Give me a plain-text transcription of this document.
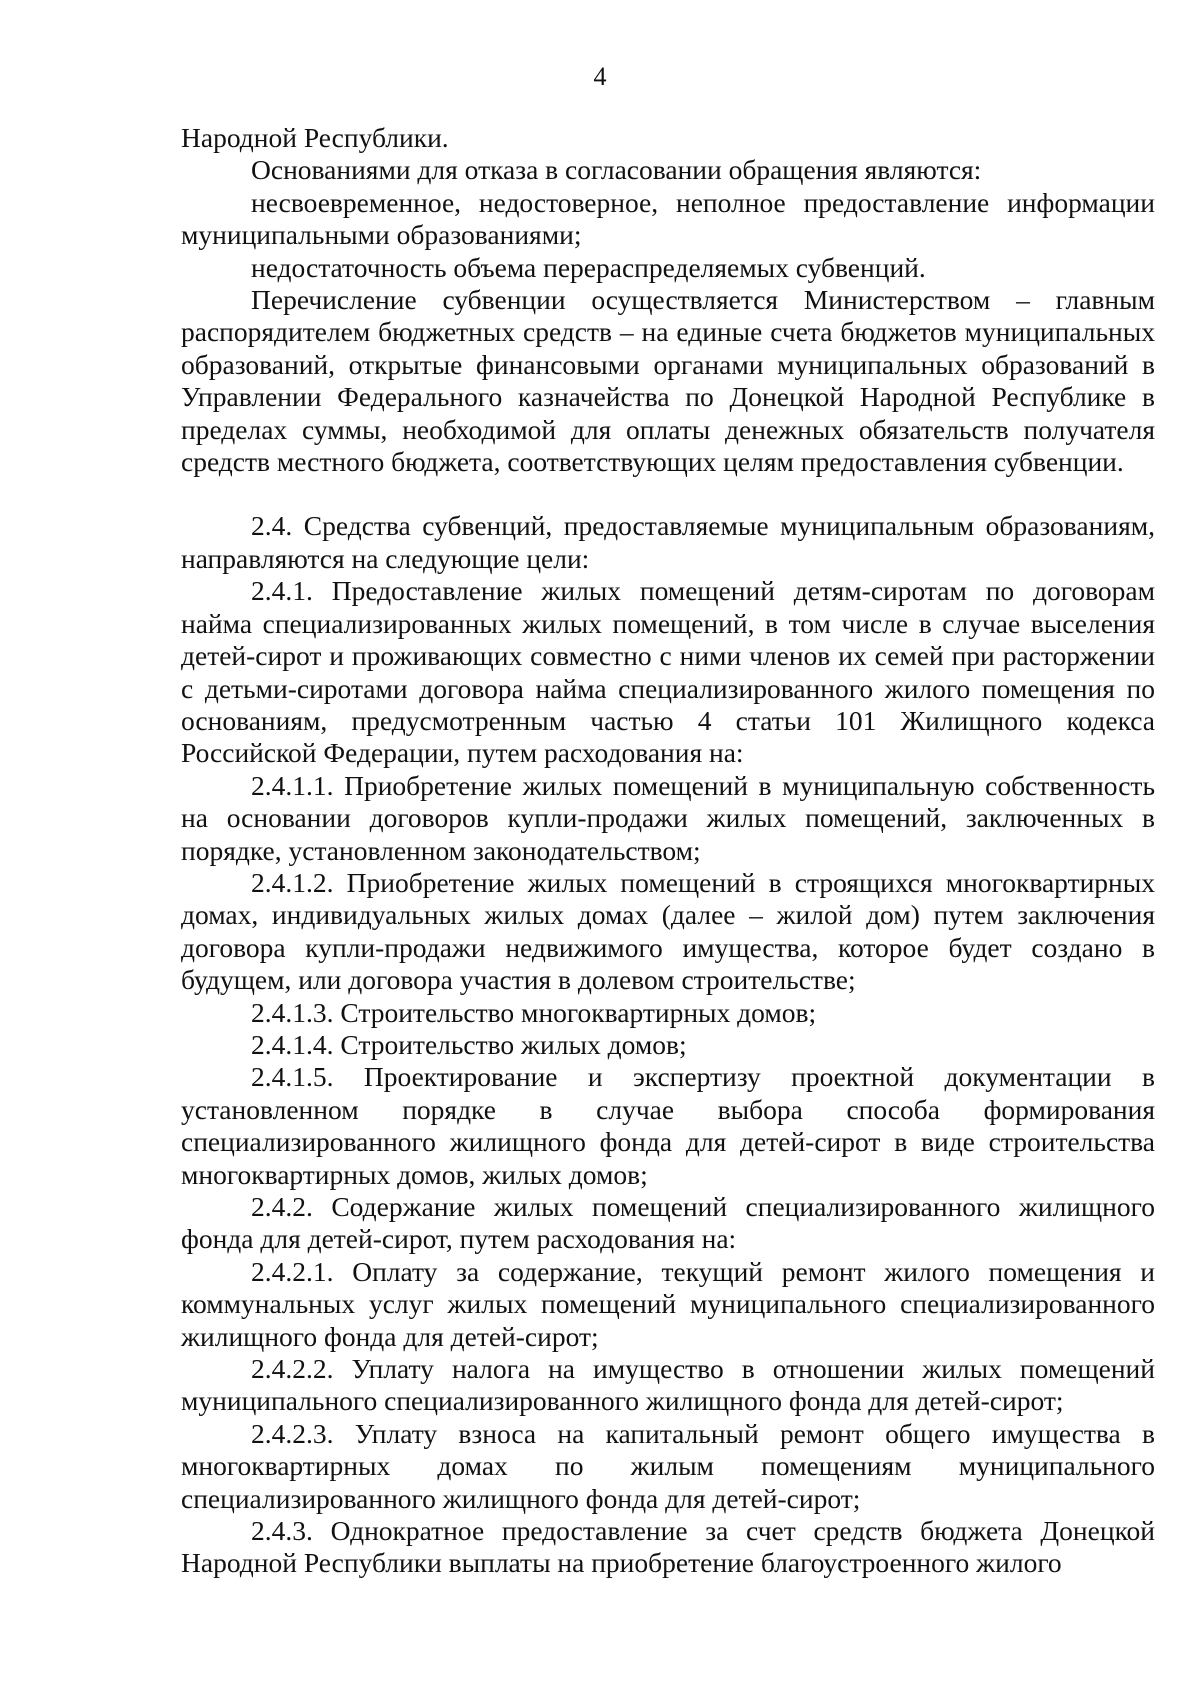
4

Народной Республики.

Основаниями для отказа в согласовании обращения являются:

несвоевременное, недостоверное, неполное предоставление информации муниципальными образованиями;

недостаточность объема перераспределяемых субвенций.

Перечисление субвенции осуществляется Министерством – главным распорядителем бюджетных средств – на единые счета бюджетов муниципальных образований, открытые финансовыми органами муниципальных образований в Управлении Федерального казначейства по Донецкой Народной Республике в пределах суммы, необходимой для оплаты денежных обязательств получателя средств местного бюджета, соответствующих целям предоставления субвенции.

2.4. Средства субвенций, предоставляемые муниципальным образованиям, направляются на следующие цели:

2.4.1. Предоставление жилых помещений детям-сиротам по договорам найма специализированных жилых помещений, в том числе в случае выселения детей-сирот и проживающих совместно с ними членов их семей при расторжении с детьми-сиротами договора найма специализированного жилого помещения по основаниям, предусмотренным частью 4 статьи 101 Жилищного кодекса Российской Федерации, путем расходования на:

2.4.1.1. Приобретение жилых помещений в муниципальную собственность на основании договоров купли-продажи жилых помещений, заключенных в порядке, установленном законодательством;

2.4.1.2. Приобретение жилых помещений в строящихся многоквартирных домах, индивидуальных жилых домах (далее – жилой дом) путем заключения договора купли-продажи недвижимого имущества, которое будет создано в будущем, или договора участия в долевом строительстве;

2.4.1.3. Строительство многоквартирных домов;

2.4.1.4. Строительство жилых домов;

2.4.1.5. Проектирование и экспертизу проектной документации в установленном порядке в случае выбора способа формирования специализированного жилищного фонда для детей-сирот в виде строительства многоквартирных домов, жилых домов;

2.4.2. Содержание жилых помещений специализированного жилищного фонда для детей-сирот, путем расходования на:

2.4.2.1. Оплату за содержание, текущий ремонт жилого помещения и коммунальных услуг жилых помещений муниципального специализированного жилищного фонда для детей-сирот;

2.4.2.2. Уплату налога на имущество в отношении жилых помещений муниципального специализированного жилищного фонда для детей-сирот;

2.4.2.3. Уплату взноса на капитальный ремонт общего имущества в многоквартирных домах по жилым помещениям муниципального специализированного жилищного фонда для детей-сирот;

2.4.3. Однократное предоставление за счет средств бюджета Донецкой Народной Республики выплаты на приобретение благоустроенного жилого
